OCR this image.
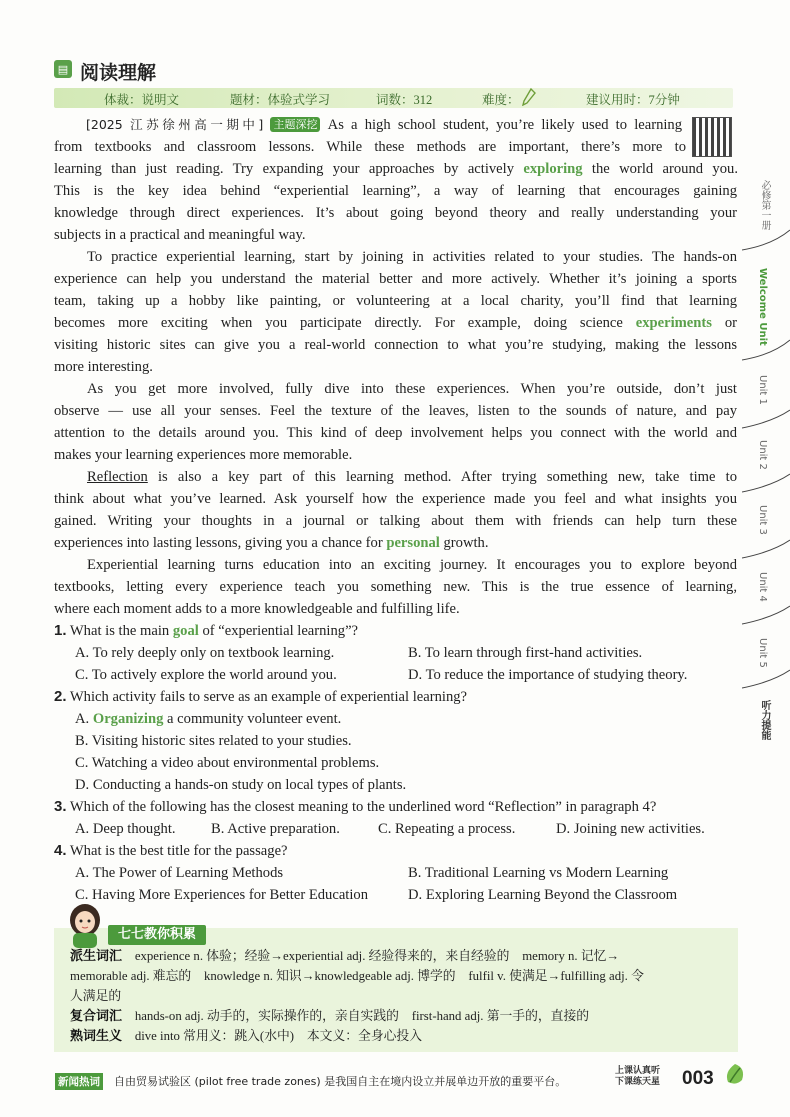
▤ 阅读理解
体裁：说明文	题材：体验式学习	词数：312	难度：	建议用时：7分钟
[2025 江苏徐州高一期中] 主题深挖 As a high school student, you’re likely used to learning
from textbooks and classroom lessons. While these methods are important, there’s more to
learning than just reading. Try expanding your approaches by actively exploring the world around you.
This is the key idea behind “experiential learning”, a way of learning that encourages gaining
knowledge through direct experiences. It’s about going beyond theory and really understanding your
subjects in a practical and meaningful way.
To practice experiential learning, start by joining in activities related to your studies. The hands-on
experience can help you understand the material better and more actively. Whether it’s joining a sports
team, taking up a hobby like painting, or volunteering at a local charity, you’ll find that learning
becomes more exciting when you participate directly. For example, doing science experiments or
visiting historic sites can give you a real-world connection to what you’re studying, making the lessons
more interesting.
As you get more involved, fully dive into these experiences. When you’re outside, don’t just
observe — use all your senses. Feel the texture of the leaves, listen to the sounds of nature, and pay
attention to the details around you. This kind of deep involvement helps you connect with the world and
makes your learning experiences more memorable.
Reflection is also a key part of this learning method. After trying something new, take time to
think about what you’ve learned. Ask yourself how the experience made you feel and what insights you
gained. Writing your thoughts in a journal or talking about them with friends can help turn these
experiences into lasting lessons, giving you a chance for personal growth.
Experiential learning turns education into an exciting journey. It encourages you to explore beyond
textbooks, letting every experience teach you something new. This is the true essence of learning,
where each moment adds to a more knowledgeable and fulfilling life.
1. What is the main goal of “experiential learning”?
A. To rely deeply only on textbook learning.	B. To learn through first-hand activities.
C. To actively explore the world around you.	D. To reduce the importance of studying theory.
2. Which activity fails to serve as an example of experiential learning?
A. Organizing a community volunteer event.
B. Visiting historic sites related to your studies.
C. Watching a video about environmental problems.
D. Conducting a hands-on study on local types of plants.
3. Which of the following has the closest meaning to the underlined word “Reflection” in paragraph 4?
A. Deep thought. B. Active preparation.	C. Repeating a process.	D. Joining new activities.
4. What is the best title for the passage?
A. The Power of Learning Methods	B. Traditional Learning vs Modern Learning
C. Having More Experiences for Better Education	D. Exploring Learning Beyond the Classroom
必修第一册
Welcome Unit
Unit 1
Unit 2
Unit 3
Unit 4
Unit 5
听力提能
七七教你积累
派生词汇　 experience n. 体验；经验→experiential adj. 经验得来的，来自经验的　memory n. 记忆→
memorable adj. 难忘的　knowledge n. 知识→knowledgeable adj. 博学的　fulfil v. 使满足→fulfilling adj. 令
人满足的
复合词汇　 hands-on adj. 动手的，实际操作的，亲自实践的　first-hand adj. 第一手的，直接的
熟词生义　 dive into 常用义：跳入(水中)　本文义：全身心投入
新闻热词 自由贸易试验区 (pilot free trade zones) 是我国自主在境内设立并展单边开放的重要平台。
上课认真听
下课练天星 003
